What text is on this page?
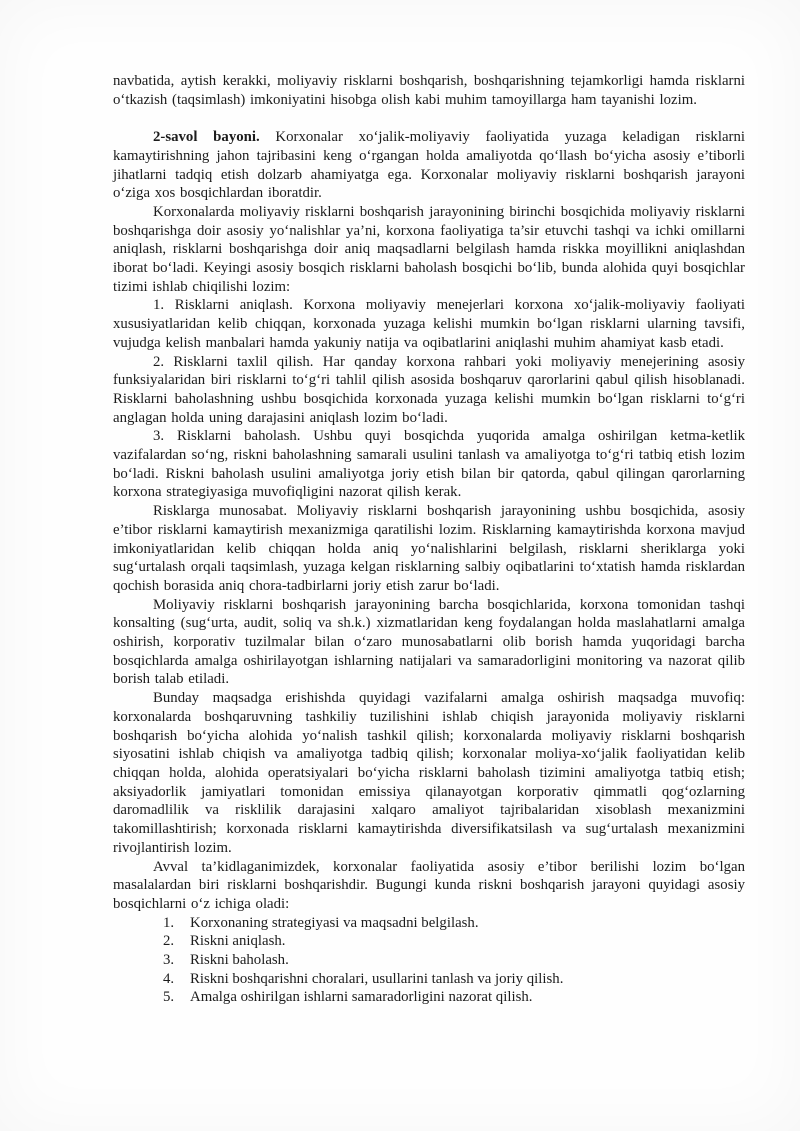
navbatida, aytish kerakki, moliyaviy risklarni boshqarish, boshqarishning tejamkorligi hamda risklarni o‘tkazish (taqsimlash) imkoniyatini hisobga olish kabi muhim tamoyillarga ham tayanishi lozim.

2-savol bayoni. Korxonalar xo‘jalik-moliyaviy faoliyatida yuzaga keladigan risklarni kamaytirishning jahon tajribasini keng o‘rgangan holda amaliyotda qo‘llash bo‘yicha asosiy e’tiborli jihatlarni tadqiq etish dolzarb ahamiyatga ega. Korxonalar moliyaviy risklarni boshqarish jarayoni o‘ziga xos bosqichlardan iboratdir.

Korxonalarda moliyaviy risklarni boshqarish jarayonining birinchi bosqichida moliyaviy risklarni boshqarishga doir asosiy yo‘nalishlar ya’ni, korxona faoliyatiga ta’sir etuvchi tashqi va ichki omillarni aniqlash, risklarni boshqarishga doir aniq maqsadlarni belgilash hamda riskka moyillikni aniqlashdan iborat bo‘ladi. Keyingi asosiy bosqich risklarni baholash bosqichi bo‘lib, bunda alohida quyi bosqichlar tizimi ishlab chiqilishi lozim:

1. Risklarni aniqlash. Korxona moliyaviy menejerlari korxona xo‘jalik-moliyaviy faoliyati xususiyatlaridan kelib chiqqan, korxonada yuzaga kelishi mumkin bo‘lgan risklarni ularning tavsifi, vujudga kelish manbalari hamda yakuniy natija va oqibatlarini aniqlashi muhim ahamiyat kasb etadi.

2. Risklarni taxlil qilish. Har qanday korxona rahbari yoki moliyaviy menejerining asosiy funksiyalaridan biri risklarni to‘g‘ri tahlil qilish asosida boshqaruv qarorlarini qabul qilish hisoblanadi. Risklarni baholashning ushbu bosqichida korxonada yuzaga kelishi mumkin bo‘lgan risklarni to‘g‘ri anglagan holda uning darajasini aniqlash lozim bo‘ladi.

3. Risklarni baholash. Ushbu quyi bosqichda yuqorida amalga oshirilgan ketma-ketlik vazifalardan so‘ng, riskni baholashning samarali usulini tanlash va amaliyotga to‘g‘ri tatbiq etish lozim bo‘ladi. Riskni baholash usulini amaliyotga joriy etish bilan bir qatorda, qabul qilingan qarorlarning korxona strategiyasiga muvofiqligini nazorat qilish kerak.

Risklarga munosabat. Moliyaviy risklarni boshqarish jarayonining ushbu bosqichida, asosiy e’tibor risklarni kamaytirish mexanizmiga qaratilishi lozim. Risklarning kamaytirishda korxona mavjud imkoniyatlaridan kelib chiqqan holda aniq yo‘nalishlarini belgilash, risklarni sheriklarga yoki sug‘urtalash orqali taqsimlash, yuzaga kelgan risklarning salbiy oqibatlarini to‘xtatish hamda risklardan qochish borasida aniq chora-tadbirlarni joriy etish zarur bo‘ladi.

Moliyaviy risklarni boshqarish jarayonining barcha bosqichlarida, korxona tomonidan tashqi konsalting (sug‘urta, audit, soliq va sh.k.) xizmatlaridan keng foydalangan holda maslahatlarni amalga oshirish, korporativ tuzilmalar bilan o‘zaro munosabatlarni olib borish hamda yuqoridagi barcha bosqichlarda amalga oshirilayotgan ishlarning natijalari va samaradorligini monitoring va nazorat qilib borish talab etiladi.

Bunday maqsadga erishishda quyidagi vazifalarni amalga oshirish maqsadga muvofiq: korxonalarda boshqaruvning tashkiliy tuzilishini ishlab chiqish jarayonida moliyaviy risklarni boshqarish bo‘yicha alohida yo‘nalish tashkil qilish; korxonalarda moliyaviy risklarni boshqarish siyosatini ishlab chiqish va amaliyotga tadbiq qilish; korxonalar moliya-xo‘jalik faoliyatidan kelib chiqqan holda, alohida operatsiyalari bo‘yicha risklarni baholash tizimini amaliyotga tatbiq etish; aksiyadorlik jamiyatlari tomonidan emissiya qilanayotgan korporativ qimmatli qog‘ozlarning daromadlilik va risklilik darajasini xalqaro amaliyot tajribalaridan xisoblash mexanizmini takomillashtirish; korxonada risklarni kamaytirishda diversifikatsilash va sug‘urtalash mexanizmini rivojlantirish lozim.

Avval ta’kidlaganimizdek, korxonalar faoliyatida asosiy e’tibor berilishi lozim bo‘lgan masalalardan biri risklarni boshqarishdir. Bugungi kunda riskni boshqarish jarayoni quyidagi asosiy bosqichlarni o‘z ichiga oladi:

1.	Korxonaning strategiyasi va maqsadni belgilash.
2.	Riskni aniqlash.
3.	Riskni baholash.
4.	Riskni boshqarishni choralari, usullarini tanlash va joriy qilish.
5.	Amalga oshirilgan ishlarni samaradorligini nazorat qilish.
